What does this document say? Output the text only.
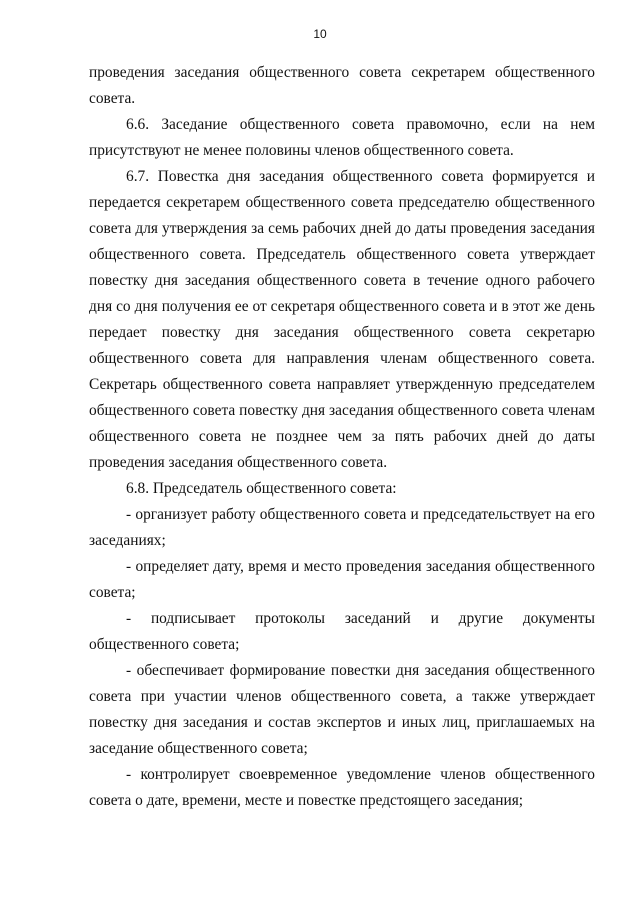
10

проведения заседания общественного совета секретарем общественного совета.

6.6. Заседание общественного совета правомочно, если на нем присутствуют не менее половины членов общественного совета.

6.7. Повестка дня заседания общественного совета формируется и передается секретарем общественного совета председателю общественного совета для утверждения за семь рабочих дней до даты проведения заседания общественного совета. Председатель общественного совета утверждает повестку дня заседания общественного совета в течение одного рабочего дня со дня получения ее от секретаря общественного совета и в этот же день передает повестку дня заседания общественного совета секретарю общественного совета для направления членам общественного совета. Секретарь общественного совета направляет утвержденную председателем общественного совета повестку дня заседания общественного совета членам общественного совета не позднее чем за пять рабочих дней до даты проведения заседания общественного совета.

6.8. Председатель общественного совета:

- организует работу общественного совета и председательствует на его заседаниях;

- определяет дату, время и место проведения заседания общественного совета;

- подписывает протоколы заседаний и другие документы общественного совета;

- обеспечивает формирование повестки дня заседания общественного совета при участии членов общественного совета, а также утверждает повестку дня заседания и состав экспертов и иных лиц, приглашаемых на заседание общественного совета;

- контролирует своевременное уведомление членов общественного совета о дате, времени, месте и повестке предстоящего заседания;
